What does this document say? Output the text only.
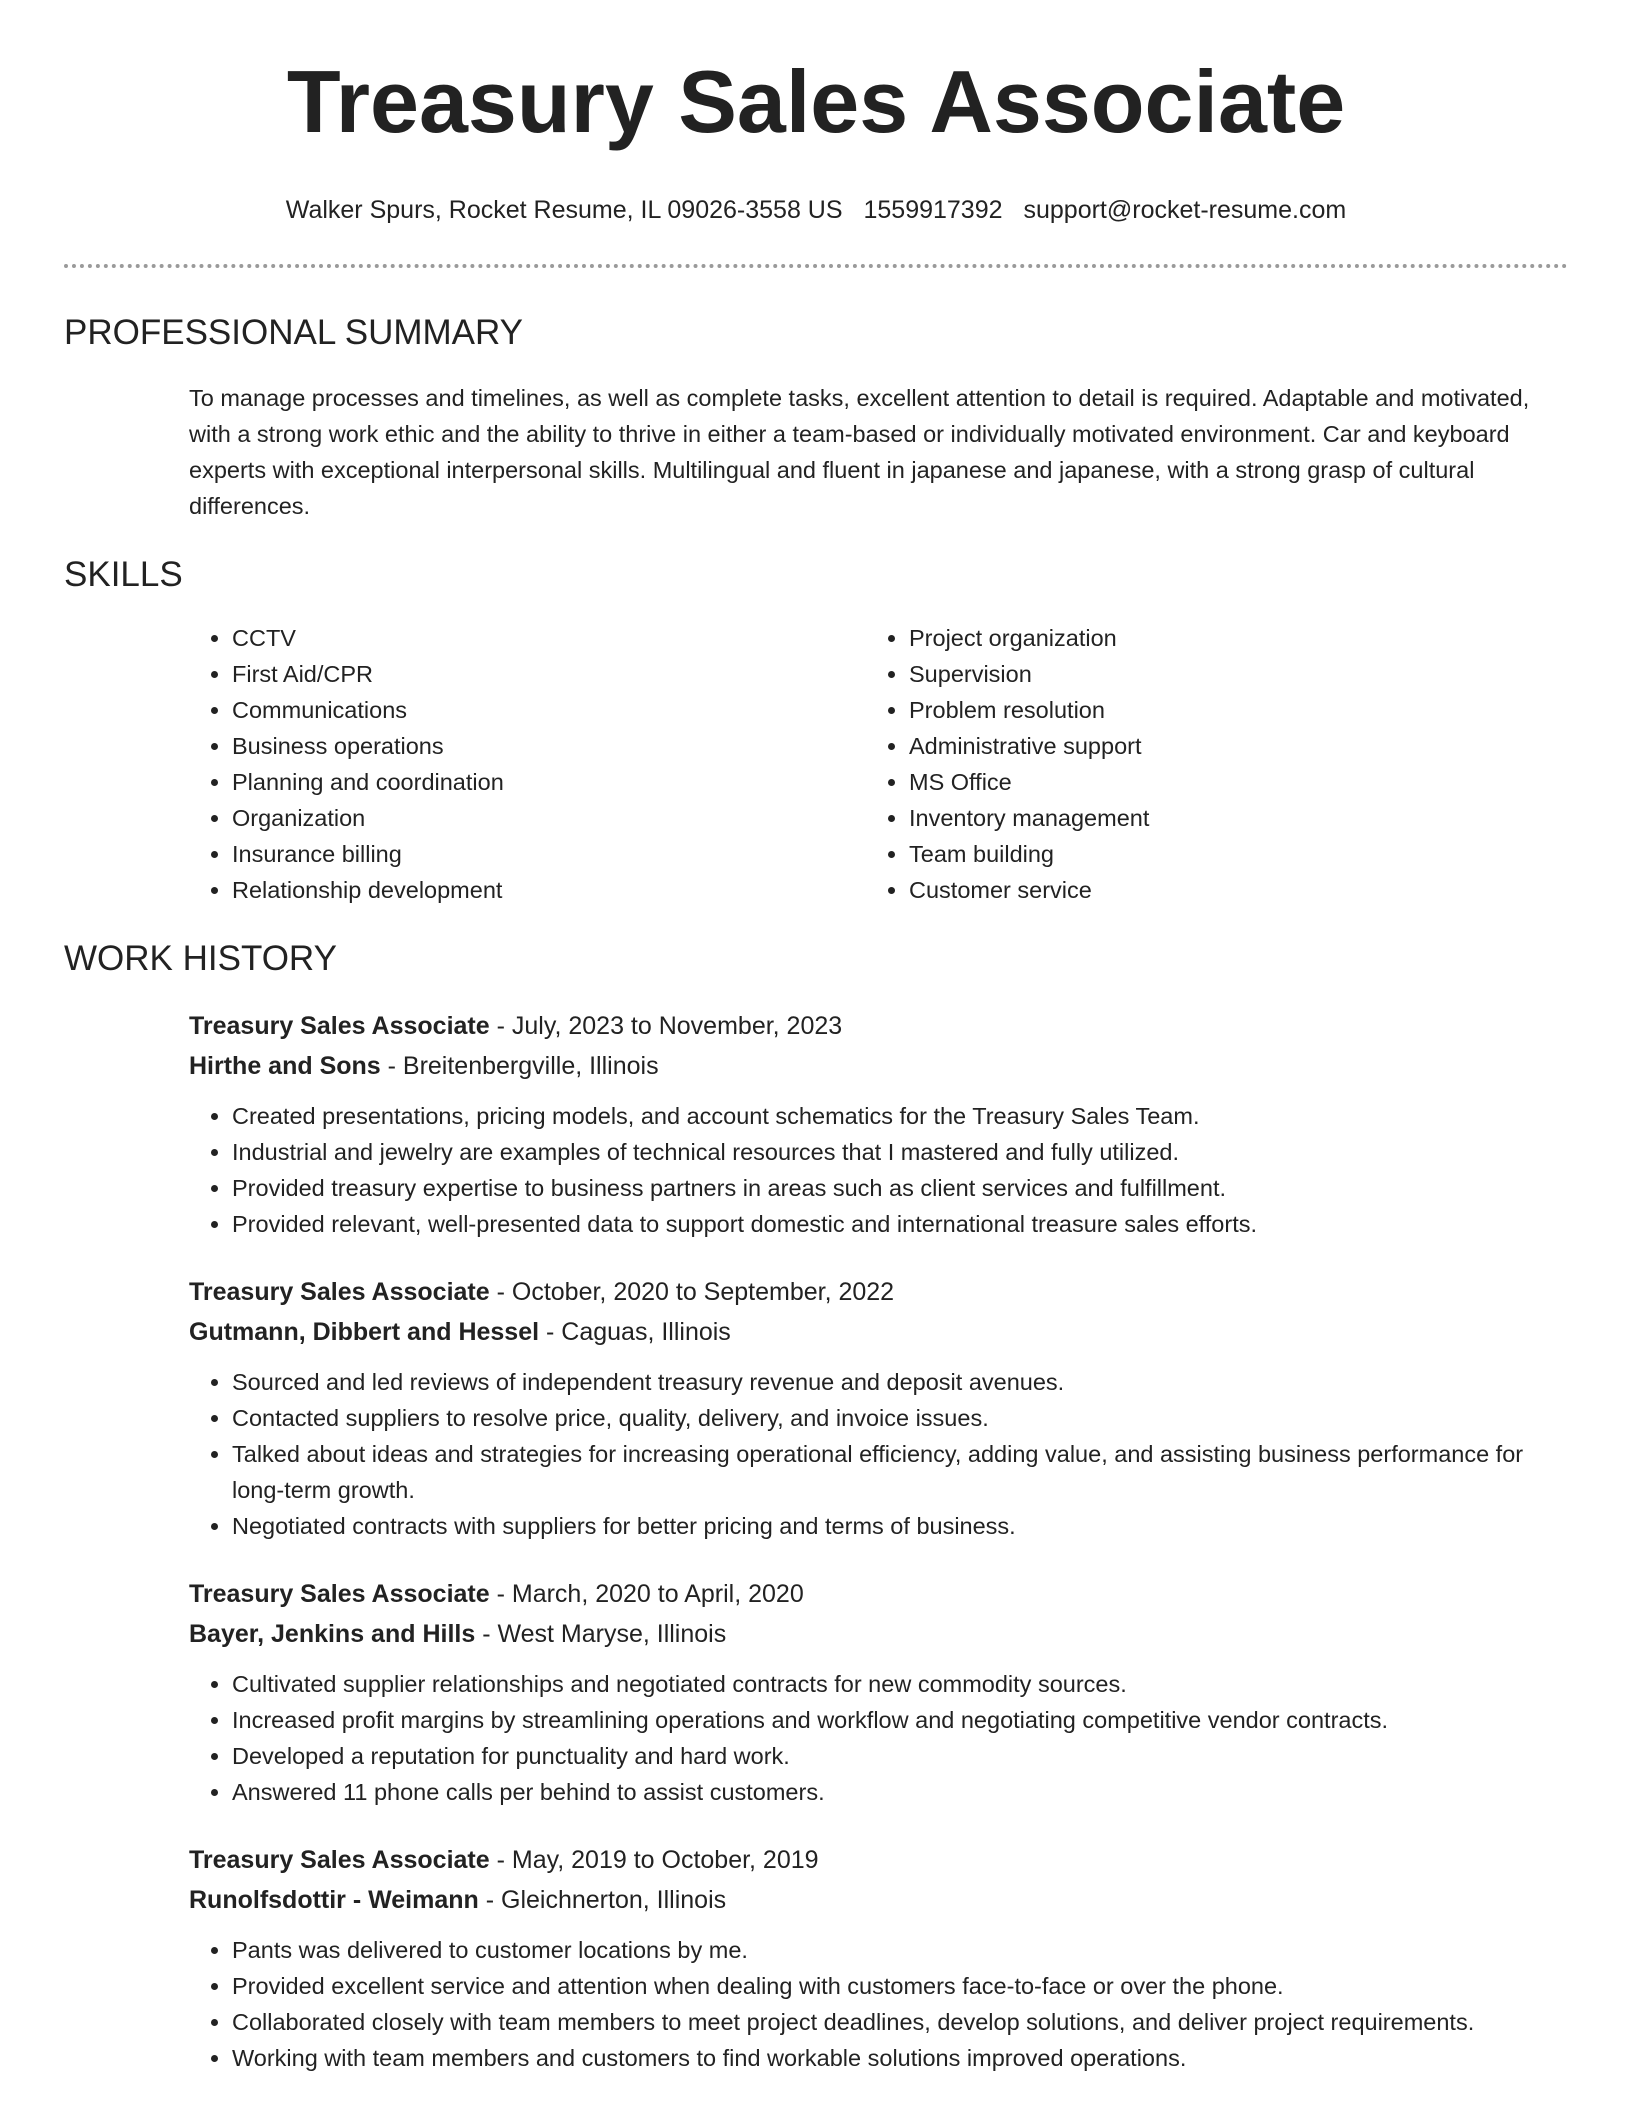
Treasury Sales Associate
Walker Spurs, Rocket Resume, IL 09026-3558 US 1559917392 support@rocket-resume.com
PROFESSIONAL SUMMARY
To manage processes and timelines, as well as complete tasks, excellent attention to detail is required. Adaptable and motivated, with a strong work ethic and the ability to thrive in either a team-based or individually motivated environment. Car and keyboard experts with exceptional interpersonal skills. Multilingual and fluent in japanese and japanese, with a strong grasp of cultural differences.
SKILLS
• CCTV
• First Aid/CPR
• Communications
• Business operations
• Planning and coordination
• Organization
• Insurance billing
• Relationship development
• Project organization
• Supervision
• Problem resolution
• Administrative support
• MS Office
• Inventory management
• Team building
• Customer service
WORK HISTORY
Treasury Sales Associate - July, 2023 to November, 2023
Hirthe and Sons - Breitenbergville, Illinois
• Created presentations, pricing models, and account schematics for the Treasury Sales Team.
• Industrial and jewelry are examples of technical resources that I mastered and fully utilized.
• Provided treasury expertise to business partners in areas such as client services and fulfillment.
• Provided relevant, well-presented data to support domestic and international treasure sales efforts.
Treasury Sales Associate - October, 2020 to September, 2022
Gutmann, Dibbert and Hessel - Caguas, Illinois
• Sourced and led reviews of independent treasury revenue and deposit avenues.
• Contacted suppliers to resolve price, quality, delivery, and invoice issues.
• Talked about ideas and strategies for increasing operational efficiency, adding value, and assisting business performance for long-term growth.
• Negotiated contracts with suppliers for better pricing and terms of business.
Treasury Sales Associate - March, 2020 to April, 2020
Bayer, Jenkins and Hills - West Maryse, Illinois
• Cultivated supplier relationships and negotiated contracts for new commodity sources.
• Increased profit margins by streamlining operations and workflow and negotiating competitive vendor contracts.
• Developed a reputation for punctuality and hard work.
• Answered 11 phone calls per behind to assist customers.
Treasury Sales Associate - May, 2019 to October, 2019
Runolfsdottir - Weimann - Gleichnerton, Illinois
• Pants was delivered to customer locations by me.
• Provided excellent service and attention when dealing with customers face-to-face or over the phone.
• Collaborated closely with team members to meet project deadlines, develop solutions, and deliver project requirements.
• Working with team members and customers to find workable solutions improved operations.
